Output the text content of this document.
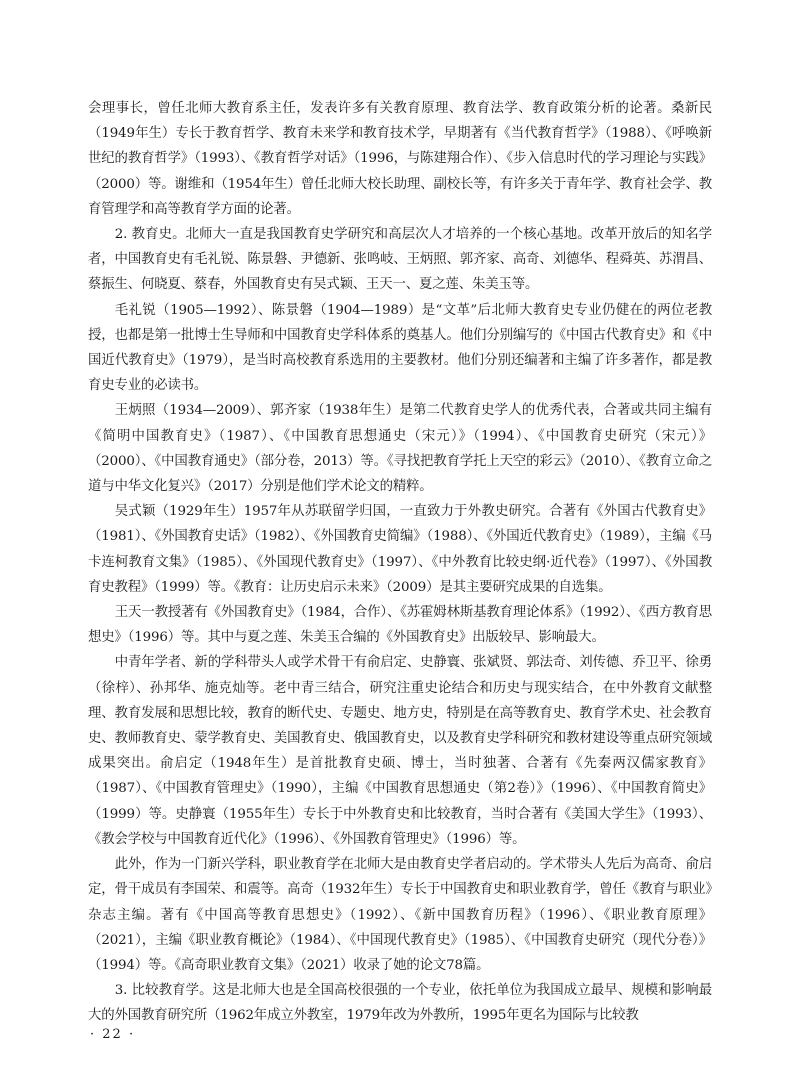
会理事长，曾任北师大教育系主任，发表许多有关教育原理、教育法学、教育政策分析的论著。桑新民（1949年生）专长于教育哲学、教育未来学和教育技术学，早期著有《当代教育哲学》（1988）、《呼唤新世纪的教育哲学》（1993）、《教育哲学对话》（1996，与陈建翔合作）、《步入信息时代的学习理论与实践》（2000）等。谢维和（1954年生）曾任北师大校长助理、副校长等，有许多关于青年学、教育社会学、教育管理学和高等教育学方面的论著。

2. 教育史。北师大一直是我国教育史学研究和高层次人才培养的一个核心基地。改革开放后的知名学者，中国教育史有毛礼锐、陈景磐、尹德新、张鸣岐、王炳照、郭齐家、高奇、刘德华、程舜英、苏渭昌、蔡振生、何晓夏、蔡春，外国教育史有吴式颖、王天一、夏之莲、朱美玉等。

毛礼锐（1905—1992）、陈景磐（1904—1989）是“文革”后北师大教育史专业仍健在的两位老教授，也都是第一批博士生导师和中国教育史学科体系的奠基人。他们分别编写的《中国古代教育史》和《中国近代教育史》（1979），是当时高校教育系选用的主要教材。他们分别还编著和主编了许多著作，都是教育史专业的必读书。

王炳照（1934—2009）、郭齐家（1938年生）是第二代教育史学人的优秀代表，合著或共同主编有《简明中国教育史》（1987）、《中国教育思想通史（宋元）》（1994）、《中国教育史研究（宋元）》（2000）、《中国教育通史》（部分卷，2013）等。《寻找把教育学托上天空的彩云》（2010）、《教育立命之道与中华文化复兴》（2017）分别是他们学术论文的精粹。

吴式颖（1929年生）1957年从苏联留学归国，一直致力于外教史研究。合著有《外国古代教育史》（1981）、《外国教育史话》（1982）、《外国教育史简编》（1988）、《外国近代教育史》（1989），主编《马卡连柯教育文集》（1985）、《外国现代教育史》（1997）、《中外教育比较史纲·近代卷》（1997）、《外国教育史教程》（1999）等。《教育：让历史启示未来》（2009）是其主要研究成果的自选集。

王天一教授著有《外国教育史》（1984，合作）、《苏霍姆林斯基教育理论体系》（1992）、《西方教育思想史》（1996）等。其中与夏之莲、朱美玉合编的《外国教育史》出版较早、影响最大。

中青年学者、新的学科带头人或学术骨干有俞启定、史静寰、张斌贤、郭法奇、刘传德、乔卫平、徐勇（徐梓）、孙邦华、施克灿等。老中青三结合，研究注重史论结合和历史与现实结合，在中外教育文献整理、教育发展和思想比较，教育的断代史、专题史、地方史，特别是在高等教育史、教育学术史、社会教育史、教师教育史、蒙学教育史、美国教育史、俄国教育史，以及教育史学科研究和教材建设等重点研究领域成果突出。俞启定（1948年生）是首批教育史硕、博士，当时独著、合著有《先秦两汉儒家教育》（1987）、《中国教育管理史》（1990），主编《中国教育思想通史（第2卷）》（1996）、《中国教育简史》（1999）等。史静寰（1955年生）专长于中外教育史和比较教育，当时合著有《美国大学生》（1993）、《教会学校与中国教育近代化》（1996）、《外国教育管理史》（1996）等。

此外，作为一门新兴学科，职业教育学在北师大是由教育史学者启动的。学术带头人先后为高奇、俞启定，骨干成员有李国荣、和震等。高奇（1932年生）专长于中国教育史和职业教育学，曾任《教育与职业》杂志主编。著有《中国高等教育思想史》（1992）、《新中国教育历程》（1996）、《职业教育原理》（2021），主编《职业教育概论》（1984）、《中国现代教育史》（1985）、《中国教育史研究（现代分卷）》（1994）等。《高奇职业教育文集》（2021）收录了她的论文78篇。

3. 比较教育学。这是北师大也是全国高校很强的一个专业，依托单位为我国成立最早、规模和影响最大的外国教育研究所（1962年成立外教室，1979年改为外教所，1995年更名为国际与比较教

· 22 ·
